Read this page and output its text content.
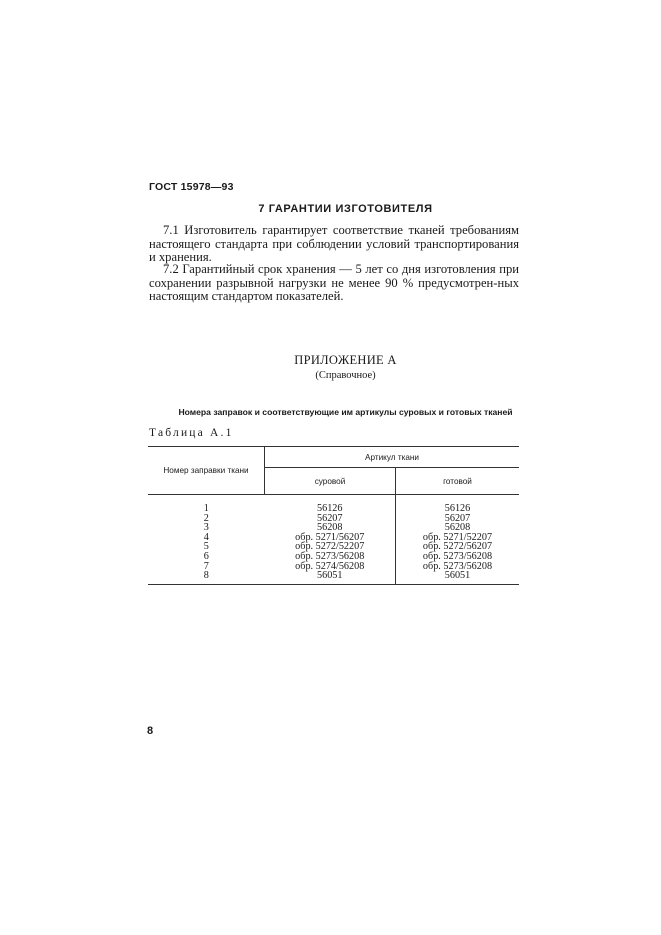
ГОСТ 15978—93
7 ГАРАНТИИ ИЗГОТОВИТЕЛЯ
7.1 Изготовитель гарантирует соответствие тканей требованиям настоящего стандарта при соблюдении условий транспортирования и хранения.
7.2 Гарантийный срок хранения — 5 лет со дня изготовления при сохранении разрывной нагрузки не менее 90 % предусмотрен-ных настоящим стандартом показателей.
ПРИЛОЖЕНИЕ А
(Справочное)
Номера заправок и соответствующие им артикулы суровых и готовых тканей
Таблица А.1
Номер заправки ткани	Артикул ткани	
	суровой	готовой
1	56126	56126
2	56207	56207
3	56208	56208
4	обр. 5271/56207	обр. 5271/52207
5	обр. 5272/52207	обр. 5272/56207
6	обр. 5273/56208	обр. 5273/56208
7	обр. 5274/56208	обр. 5273/56208
8	56051	56051
8
